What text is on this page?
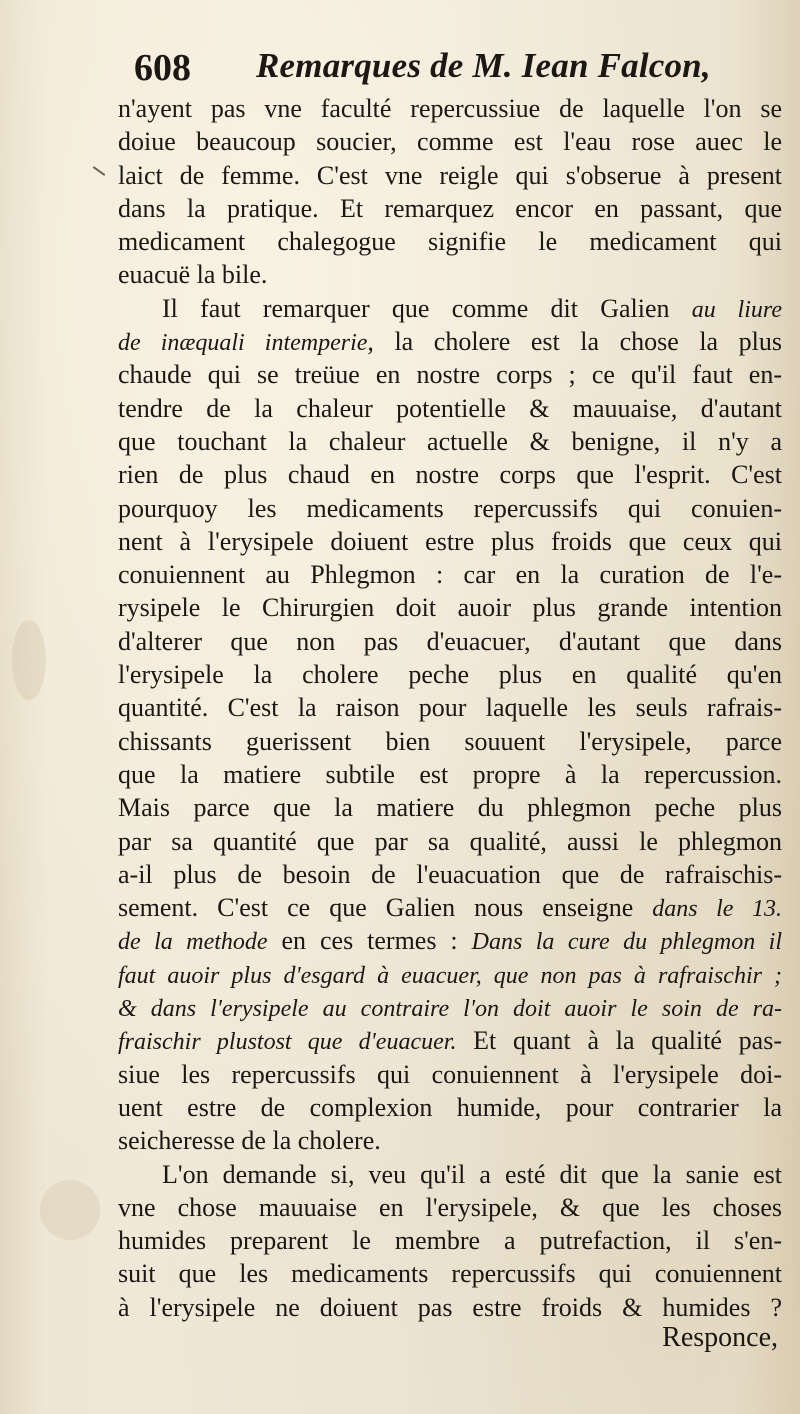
608 Remarques de M. Iean Falcon,
n'ayent pas vne faculté repercussiue de laquelle l'on se
doiue beaucoup soucier, comme est l'eau rose auec le
laict de femme. C'est vne reigle qui s'obserue à present
dans la pratique. Et remarquez encor en passant, que
medicament chalegogue signifie le medicament qui
euacuë la bile.
Il faut remarquer que comme dit Galien au liure
de inæquali intemperie, la cholere est la chose la plus
chaude qui se treüue en nostre corps ; ce qu'il faut en-
tendre de la chaleur potentielle & mauuaise, d'autant
que touchant la chaleur actuelle & benigne, il n'y a
rien de plus chaud en nostre corps que l'esprit. C'est
pourquoy les medicaments repercussifs qui conuien-
nent à l'erysipele doiuent estre plus froids que ceux qui
conuiennent au Phlegmon : car en la curation de l'e-
rysipele le Chirurgien doit auoir plus grande intention
d'alterer que non pas d'euacuer, d'autant que dans
l'erysipele la cholere peche plus en qualité qu'en
quantité. C'est la raison pour laquelle les seuls rafrais-
chissants guerissent bien souuent l'erysipele, parce
que la matiere subtile est propre à la repercussion.
Mais parce que la matiere du phlegmon peche plus
par sa quantité que par sa qualité, aussi le phlegmon
a-il plus de besoin de l'euacuation que de rafraischis-
sement. C'est ce que Galien nous enseigne dans le 13.
de la methode en ces termes : Dans la cure du phlegmon il
faut auoir plus d'esgard à euacuer, que non pas à rafraischir ;
& dans l'erysipele au contraire l'on doit auoir le soin de ra-
fraischir plustost que d'euacuer. Et quant à la qualité pas-
siue les repercussifs qui conuiennent à l'erysipele doi-
uent estre de complexion humide, pour contrarier la
seicheresse de la cholere.
L'on demande si, veu qu'il a esté dit que la sanie est
vne chose mauuaise en l'erysipele, & que les choses
humides preparent le membre a putrefaction, il s'en-
suit que les medicaments repercussifs qui conuiennent
à l'erysipele ne doiuent pas estre froids & humides ?
Responce,
